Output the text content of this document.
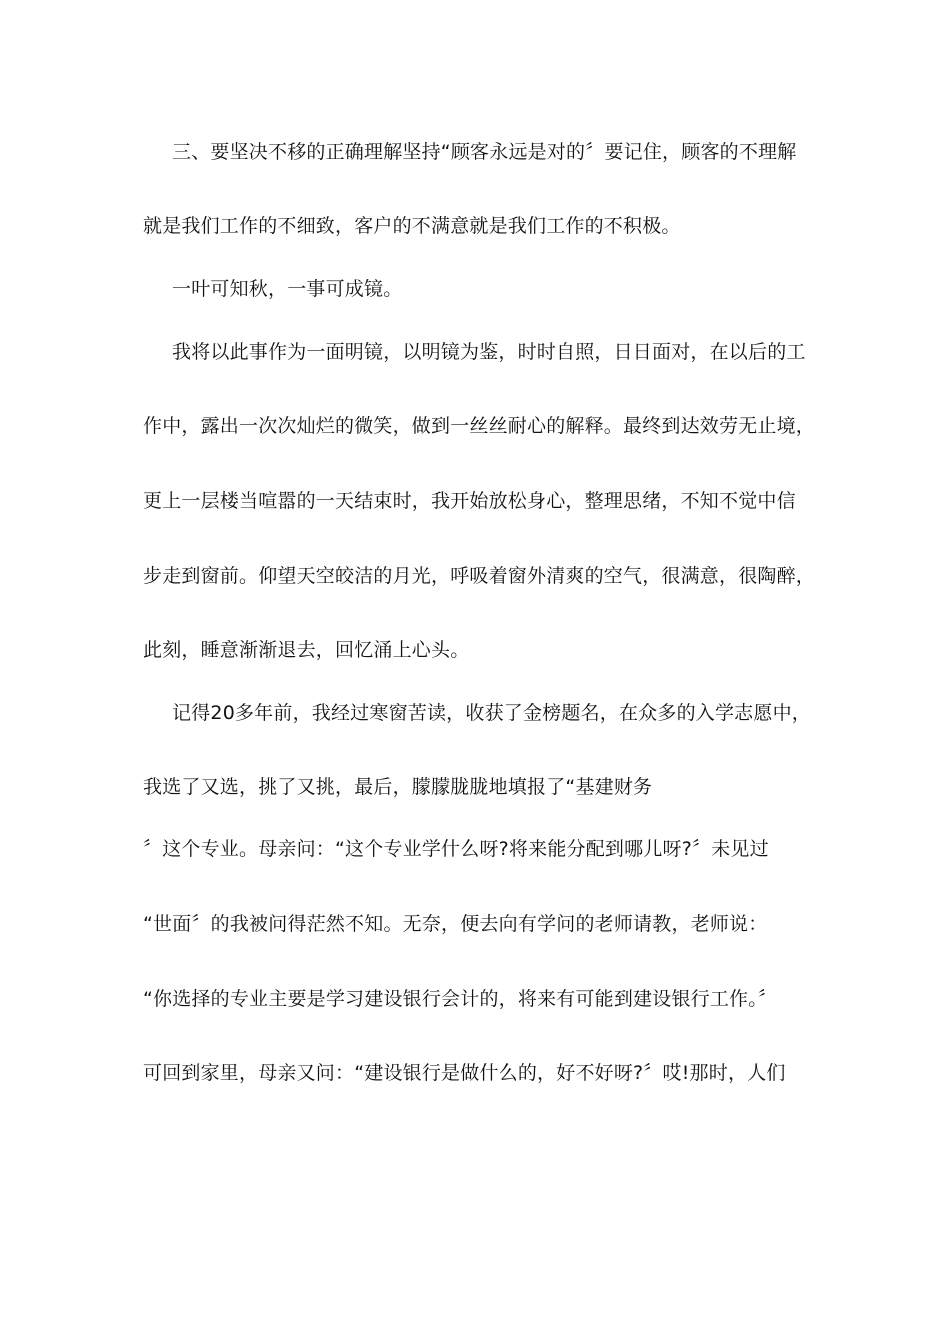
三、要坚决不移的正确理解坚持“顾客永远是对的〞要记住，顾客的不理解
就是我们工作的不细致，客户的不满意就是我们工作的不积极。
一叶可知秋，一事可成镜。
我将以此事作为一面明镜，以明镜为鉴，时时自照，日日面对，在以后的工
作中，露出一次次灿烂的微笑，做到一丝丝耐心的解释。最终到达效劳无止境，
更上一层楼当喧嚣的一天结束时，我开始放松身心，整理思绪，不知不觉中信
步走到窗前。仰望天空皎洁的月光，呼吸着窗外清爽的空气，很满意，很陶醉，
此刻，睡意渐渐退去，回忆涌上心头。
记得20多年前，我经过寒窗苦读，收获了金榜题名，在众多的入学志愿中，
我选了又选，挑了又挑，最后，朦朦胧胧地填报了“基建财务
〞这个专业。母亲问：“这个专业学什么呀?将来能分配到哪儿呀?〞未见过
“世面〞的我被问得茫然不知。无奈，便去向有学问的老师请教，老师说：
“你选择的专业主要是学习建设银行会计的，将来有可能到建设银行工作。〞
可回到家里，母亲又问：“建设银行是做什么的，好不好呀?〞哎!那时，人们
